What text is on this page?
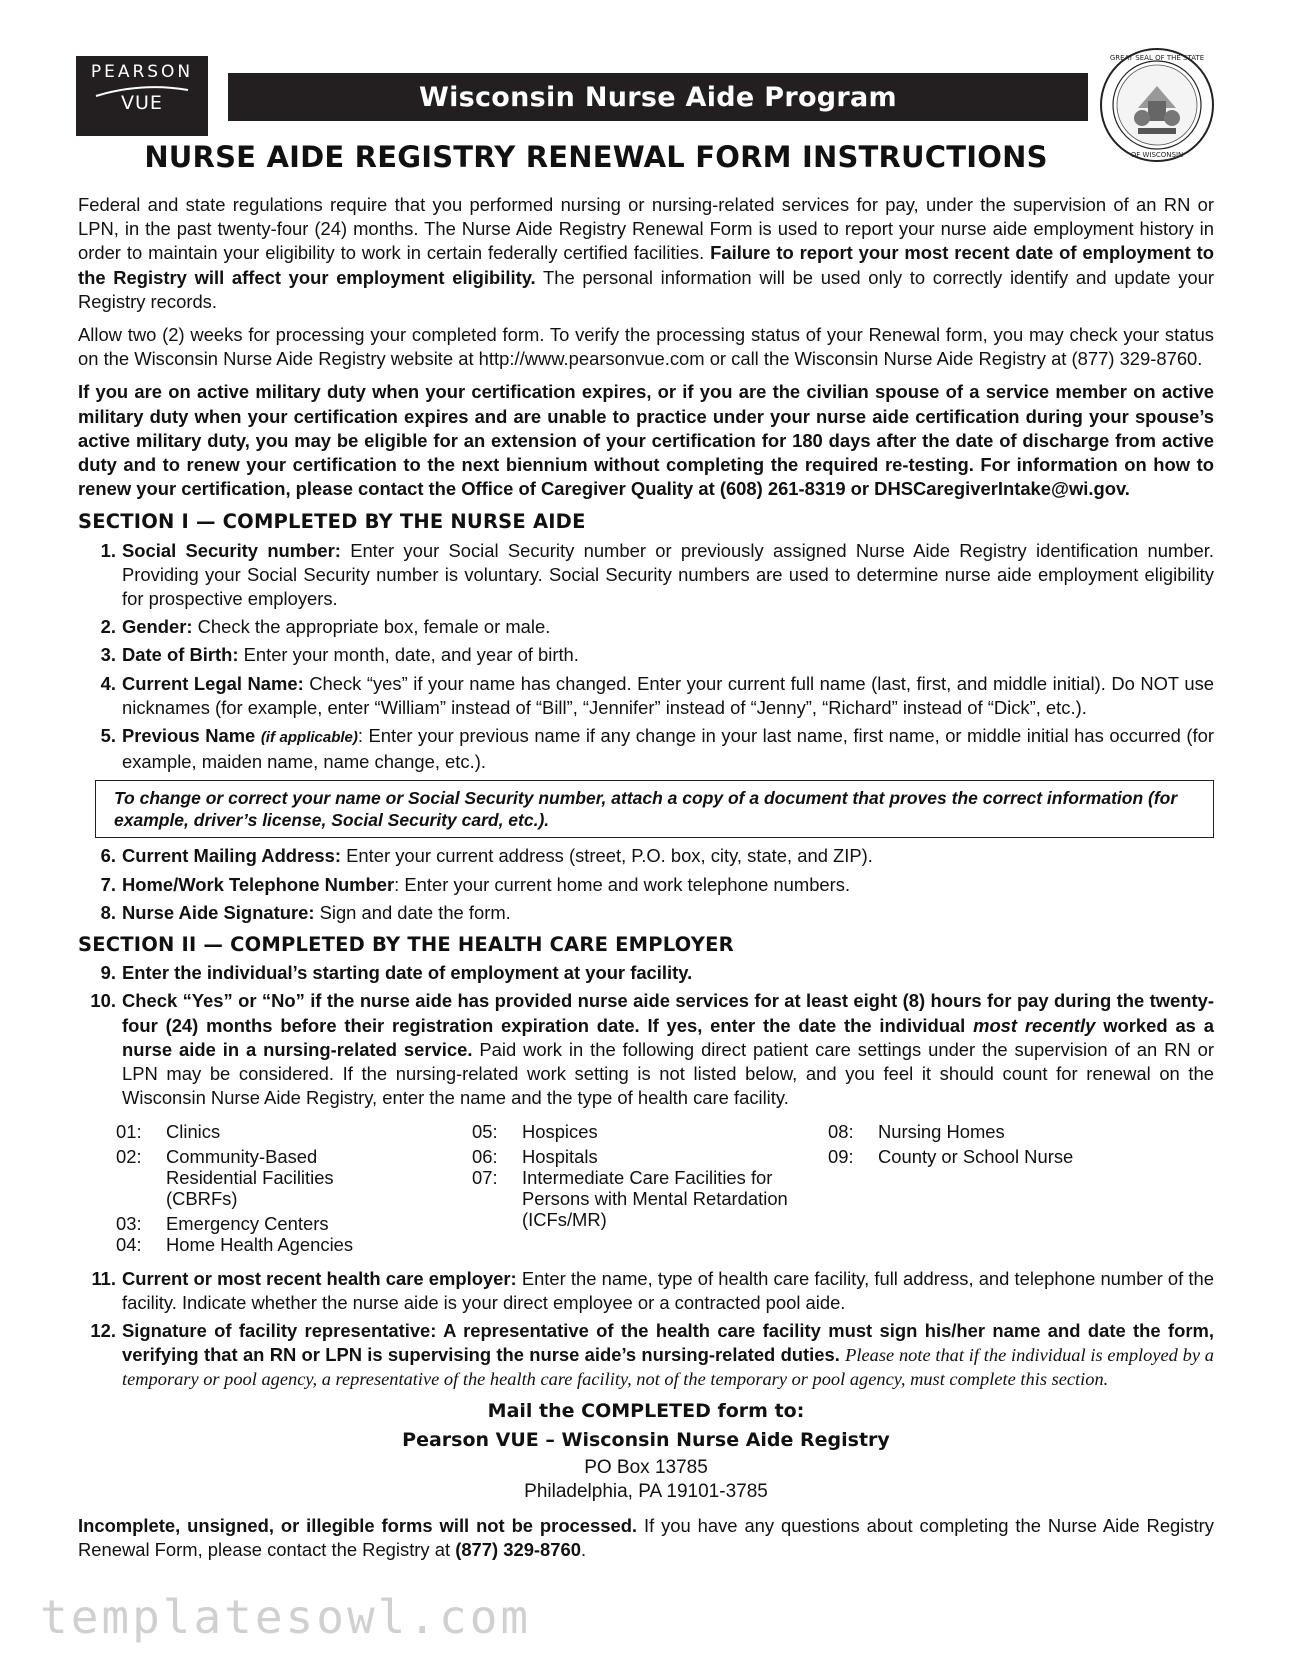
PEARSON
VUE	Wisconsin Nurse Aide Program
GREAT SEAL OF THE STATE
OF WISCONSIN
NURSE AIDE REGISTRY RENEWAL FORM INSTRUCTIONS

Federal and state regulations require that you performed nursing or nursing-related services for pay, under the supervision of an RN or LPN, in the past twenty-four (24) months. The Nurse Aide Registry Renewal Form is used to report your nurse aide employment history in order to maintain your eligibility to work in certain federally certified facilities. Failure to report your most recent date of employment to the Registry will affect your employment eligibility. The personal information will be used only to correctly identify and update your Registry records.

Allow two (2) weeks for processing your completed form. To verify the processing status of your Renewal form, you may check your status on the Wisconsin Nurse Aide Registry website at http://www.pearsonvue.com or call the Wisconsin Nurse Aide Registry at (877) 329-8760.

If you are on active military duty when your certification expires, or if you are the civilian spouse of a service member on active military duty when your certification expires and are unable to practice under your nurse aide certification during your spouse’s active military duty, you may be eligible for an extension of your certification for 180 days after the date of discharge from active duty and to renew your certification to the next biennium without completing the required re-testing. For information on how to renew your certification, please contact the Office of Caregiver Quality at (608) 261-8319 or DHSCaregiverIntake@wi.gov.

SECTION I — COMPLETED BY THE NURSE AIDE
1. Social Security number: Enter your Social Security number or previously assigned Nurse Aide Registry identification number. Providing your Social Security number is voluntary. Social Security numbers are used to determine nurse aide employment eligibility for prospective employers.
2. Gender: Check the appropriate box, female or male.
3. Date of Birth: Enter your month, date, and year of birth.
4. Current Legal Name: Check “yes” if your name has changed. Enter your current full name (last, first, and middle initial). Do NOT use nicknames (for example, enter “William” instead of “Bill”, “Jennifer” instead of “Jenny”, “Richard” instead of “Dick”, etc.).
5. Previous Name (if applicable): Enter your previous name if any change in your last name, first name, or middle initial has occurred (for example, maiden name, name change, etc.).
To change or correct your name or Social Security number, attach a copy of a document that proves the correct information (for example, driver’s license, Social Security card, etc.).
6. Current Mailing Address: Enter your current address (street, P.O. box, city, state, and ZIP).
7. Home/Work Telephone Number: Enter your current home and work telephone numbers.
8. Nurse Aide Signature: Sign and date the form.
SECTION II — COMPLETED BY THE HEALTH CARE EMPLOYER
9. Enter the individual’s starting date of employment at your facility.
10. Check “Yes” or “No” if the nurse aide has provided nurse aide services for at least eight (8) hours for pay during the twenty-four (24) months before their registration expiration date. If yes, enter the date the individual most recently worked as a nurse aide in a nursing-related service. Paid work in the following direct patient care settings under the supervision of an RN or LPN may be considered. If the nursing-related work setting is not listed below, and you feel it should count for renewal on the Wisconsin Nurse Aide Registry, enter the name and the type of health care facility.
01:	Clinics
02:	Community-Based Residential Facilities (CBRFs)
03:	Emergency Centers
04:	Home Health Agencies
05:	Hospices
06:	Hospitals
07:	Intermediate Care Facilities for Persons with Mental Retardation (ICFs/MR)
08:	Nursing Homes
09:	County or School Nurse
11. Current or most recent health care employer: Enter the name, type of health care facility, full address, and telephone number of the facility. Indicate whether the nurse aide is your direct employee or a contracted pool aide.
12. Signature of facility representative: A representative of the health care facility must sign his/her name and date the form, verifying that an RN or LPN is supervising the nurse aide’s nursing-related duties. Please note that if the individual is employed by a temporary or pool agency, a representative of the health care facility, not of the temporary or pool agency, must complete this section.
Mail the COMPLETED form to:
Pearson VUE – Wisconsin Nurse Aide Registry
PO Box 13785
Philadelphia, PA 19101-3785

Incomplete, unsigned, or illegible forms will not be processed. If you have any questions about completing the Nurse Aide Registry Renewal Form, please contact the Registry at (877) 329-8760.

templatesowl.com
